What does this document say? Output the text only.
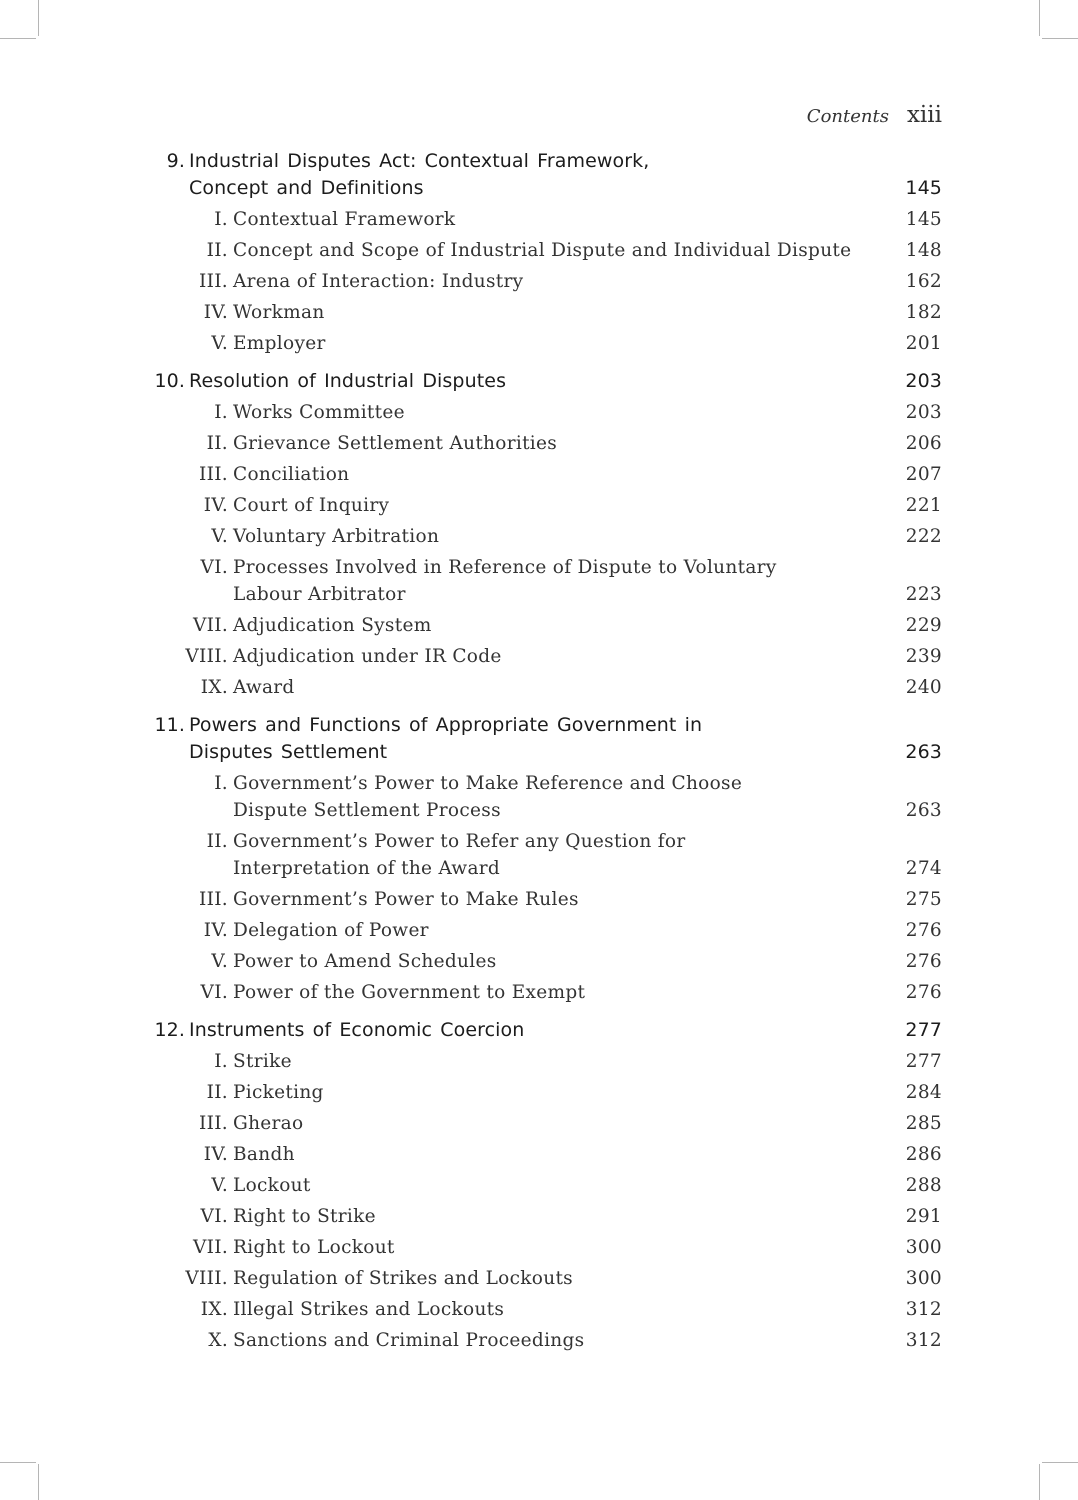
Contents xiii
9. Industrial Disputes Act: Contextual Framework,
Concept and Definitions	145
I. Contextual Framework	145
II. Concept and Scope of Industrial Dispute and Individual Dispute	148
III. Arena of Interaction: Industry	162
IV. Workman	182
V. Employer	201
10. Resolution of Industrial Disputes	203
I. Works Committee	203
II. Grievance Settlement Authorities	206
III. Conciliation	207
IV. Court of Inquiry	221
V. Voluntary Arbitration	222
VI. Processes Involved in Reference of Dispute to Voluntary
Labour Arbitrator	223
VII. Adjudication System	229
VIII. Adjudication under IR Code	239
IX. Award	240
11. Powers and Functions of Appropriate Government in
Disputes Settlement	263
I. Government’s Power to Make Reference and Choose
Dispute Settlement Process	263
II. Government’s Power to Refer any Question for
Interpretation of the Award	274
III. Government’s Power to Make Rules	275
IV. Delegation of Power	276
V. Power to Amend Schedules	276
VI. Power of the Government to Exempt	276
12. Instruments of Economic Coercion	277
I. Strike	277
II. Picketing	284
III. Gherao	285
IV. Bandh	286
V. Lockout	288
VI. Right to Strike	291
VII. Right to Lockout	300
VIII. Regulation of Strikes and Lockouts	300
IX. Illegal Strikes and Lockouts	312
X. Sanctions and Criminal Proceedings	312
